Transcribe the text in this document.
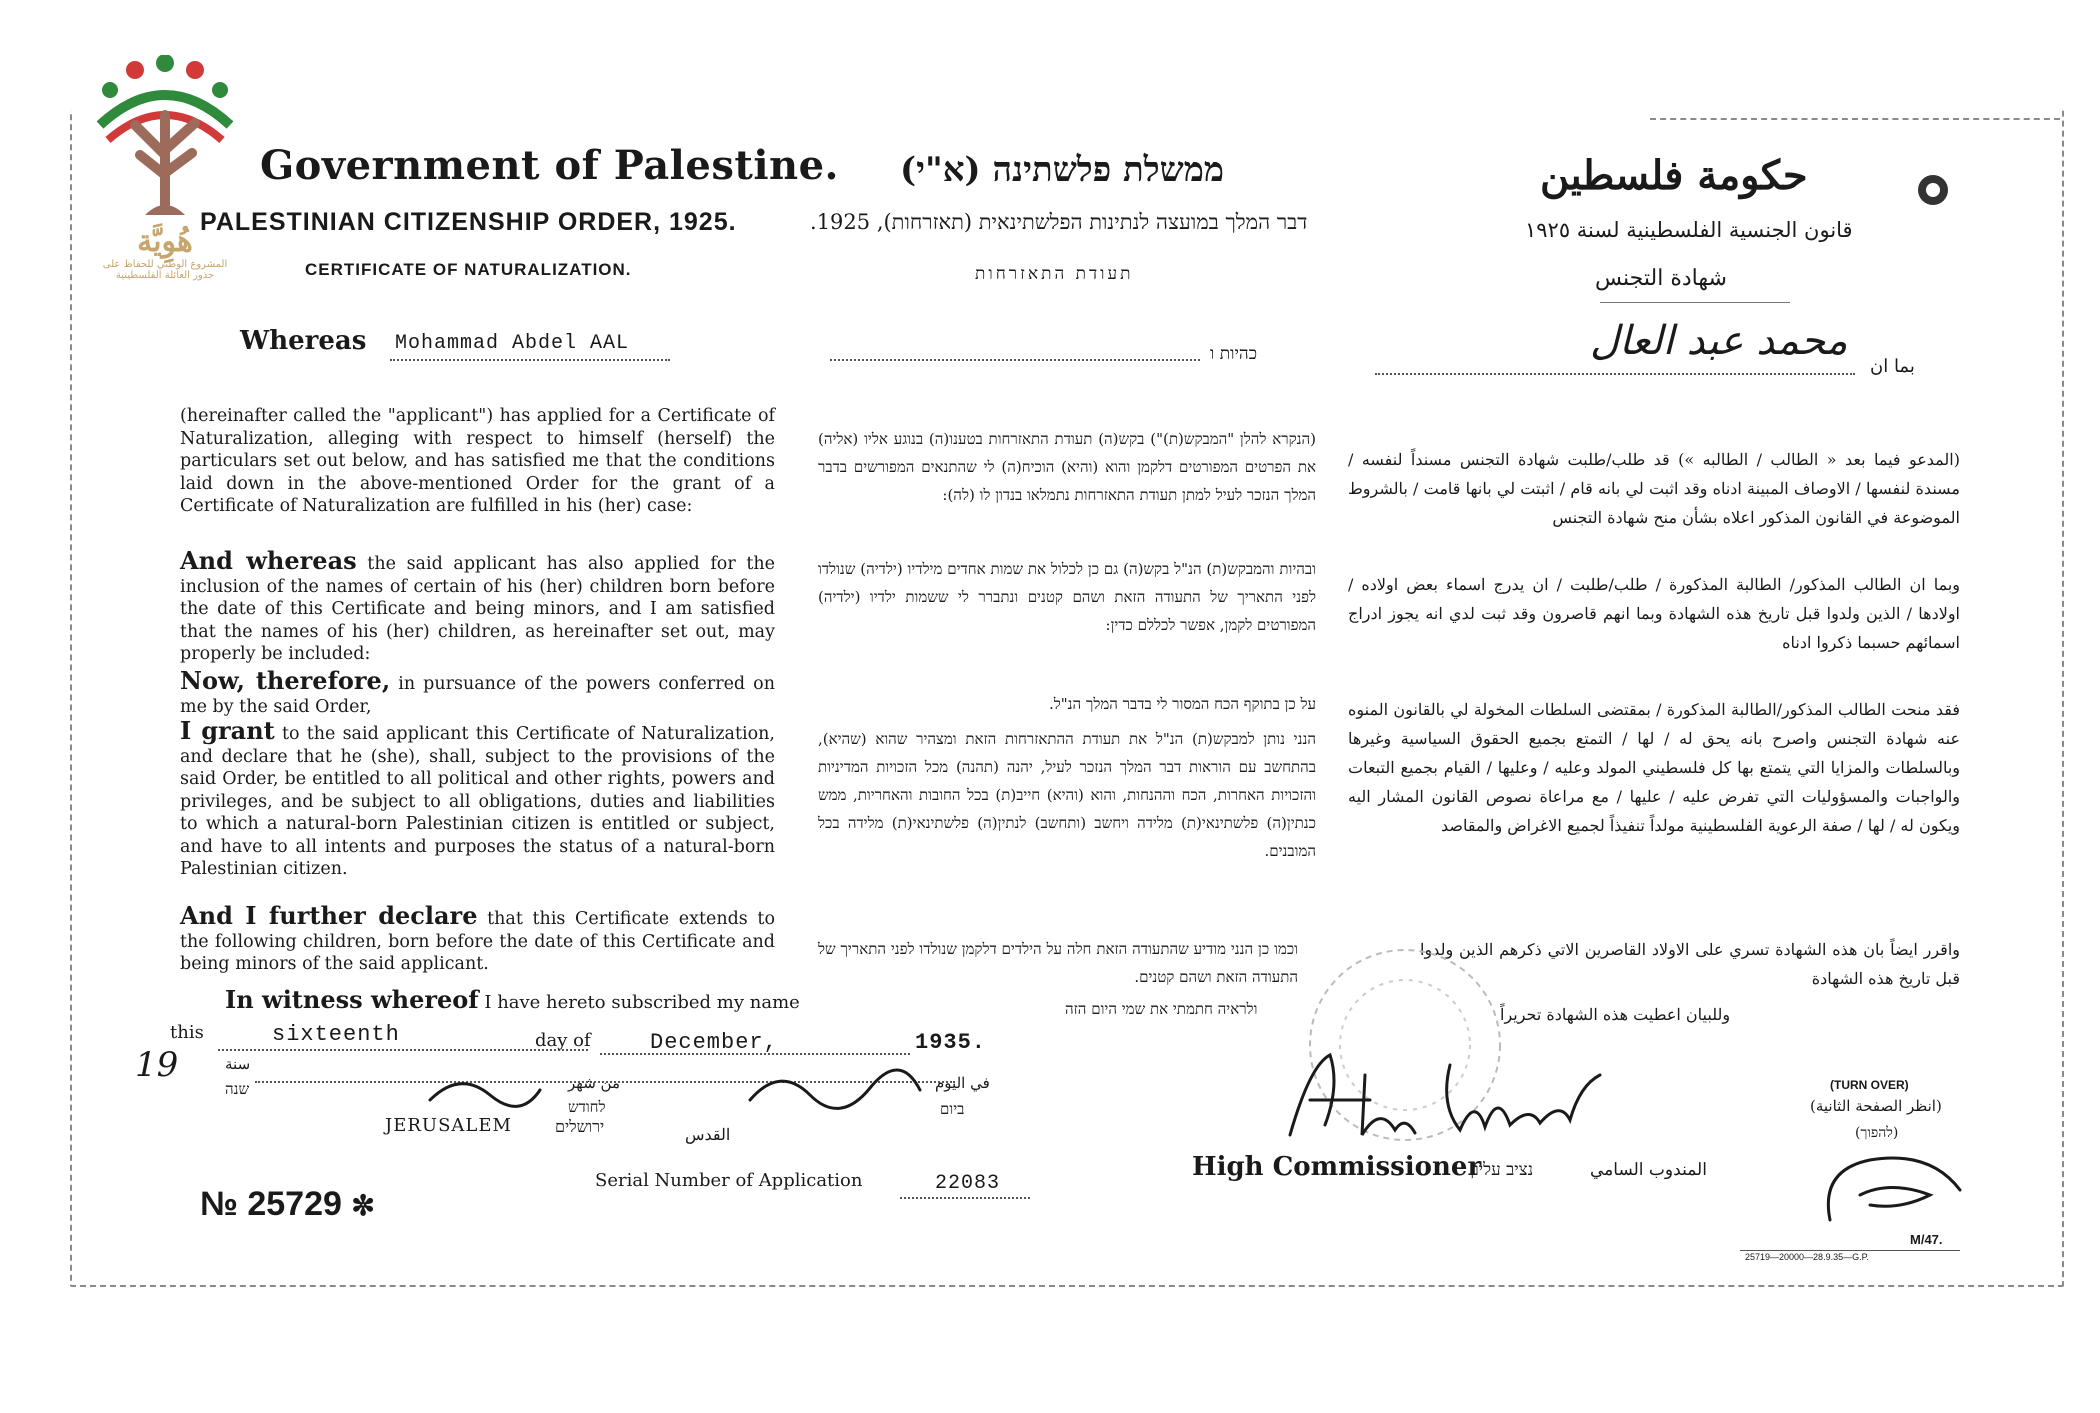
هُوِيَّة
المشروع الوطني للحفاظ على
جذور العائلة الفلسطينية
Government of Palestine.
PALESTINIAN CITIZENSHIP ORDER, 1925.
CERTIFICATE OF NATURALIZATION.
ממשלת פלשתינה (א"י)
דבר המלך במועצה לנתינות הפלשתינאית (תאזרחות), 1925.
תעודת התאזרחות
حكومة فلسطين
قانون الجنسية الفلسطينية لسنة ١٩٢٥
شهادة التجنس
Whereas Mohammad Abdel AAL	כהיות ו
بما ان
محمد عبد العال
(hereinafter called the "applicant") has applied for a Certificate of Naturalization, alleging with respect to himself (herself) the particulars set out below, and has satisfied me that the conditions laid down in the above-mentioned Order for the grant of a Certificate of Naturalization are fulfilled in his (her) case:
And whereas the said applicant has also applied for the inclusion of the names of certain of his (her) children born before the date of this Certificate and being minors, and I am satisfied that the names of his (her) children, as hereinafter set out, may properly be included:
Now, therefore, in pursuance of the powers conferred on me by the said Order,
I grant to the said applicant this Certificate of Naturalization, and declare that he (she), shall, subject to the provisions of the said Order, be entitled to all political and other rights, powers and privileges, and be subject to all obligations, duties and liabilities to which a natural-born Palestinian citizen is entitled or subject, and have to all intents and purposes the status of a natural-born Palestinian citizen.
And I further declare that this Certificate extends to the following children, born before the date of this Certificate and being minors of the said applicant.
In witness whereof I have hereto subscribed my name
(הנקרא להלן "המבקש(ת)") בקש(ה) תעודת התאזרחות בטענו(ה) בנוגע אליו (אליה) את הפרטים המפורטים דלקמן והוא (והיא) הוכיח(ה) לי שהתנאים המפורשים בדבר המלך הנזכר לעיל למתן תעודת התאזרחות נתמלאו בנדון לו (לה):
ובהיות והמבקש(ת) הנ"ל בקש(ה) גם כן לכלול את שמות אחדים מילדיו (ילדיה) שנולדו לפני התאריך של התעודה הזאת ושהם קטנים ונתברר לי ששמות ילדיו (ילדיה) המפורטים לקמן, אפשר לכללם כדין:
על כן בתוקף הכח המסור לי בדבר המלך הנ"ל.
הנני נותן למבקש(ת) הנ"ל את תעודת ההתאזרחות הזאת ומצהיר שהוא (שהיא), בהתחשב עם הוראות דבר המלך הנזכר לעיל, יהנה (תהנה) מכל הזכויות המדיניות והזכויות האחרות, הכח וההנחות, והוא (והיא) חייב(ת) בכל החובות והאחריות, ממש כנתין(ה) פלשתינאי(ת) מלידה ויחשב (ותחשב) לנתין(ה) פלשתינאי(ת) מלידה בכל המובנים.
וכמו כן הנני מודיע שהתעודה הזאת חלה על הילדים דלקמן שנולדו לפני התאריך של התעודה הזאת ושהם קטנים.
ולראיה חתמתי את שמי היום הזה
(المدعو فيما بعد « الطالب / الطالبه ») قد طلب/طلبت شهادة التجنس مسنداً لنفسه / مسندة لنفسها / الاوصاف المبينة ادناه وقد اثبت لي بانه قام / اثبتت لي بانها قامت / بالشروط الموضوعة في القانون المذكور اعلاه بشأن منح شهادة التجنس
وبما ان الطالب المذكور/ الطالبة المذكورة / طلب/طلبت / ان يدرج اسماء بعض اولاده / اولادها / الذين ولدوا قبل تاريخ هذه الشهادة وبما انهم قاصرون وقد ثبت لدي انه يجوز ادراج اسمائهم حسبما ذكروا ادناه
فقد منحت الطالب المذكور/الطالبة المذكورة / بمقتضى السلطات المخولة لي بالقانون المنوه عنه شهادة التجنس واصرح بانه يحق له / لها / التمتع بجميع الحقوق السياسية وغيرها وبالسلطات والمزايا التي يتمتع بها كل فلسطيني المولد وعليه / وعليها / القيام بجميع التبعات والواجبات والمسؤوليات التي تفرض عليه / عليها / مع مراعاة نصوص القانون المشار اليه ويكون له / لها / صفة الرعوية الفلسطينية مولداً تنفيذاً لجميع الاغراض والمقاصد
واقرر ايضاً بان هذه الشهادة تسري على الاولاد القاصرين الاتي ذكرهم الذين ولدوا قبل تاريخ هذه الشهادة
وللبيان اعطيت هذه الشهادة تحريراً
this	sixteenth	day of	December,	1935.
19
שנה
سنة
לחודש
من شهر
ביום
في اليوم
JERUSALEM	ירושלים	القدس
Serial Number of Application	22083
№ 25729 ✼
High Commissioner
נציב עליון	المندوب السامي
(TURN OVER)
(انظر الصفحة الثانية)
(להפוך)
M/47.
25719—20000—28.9.35—G.P.
